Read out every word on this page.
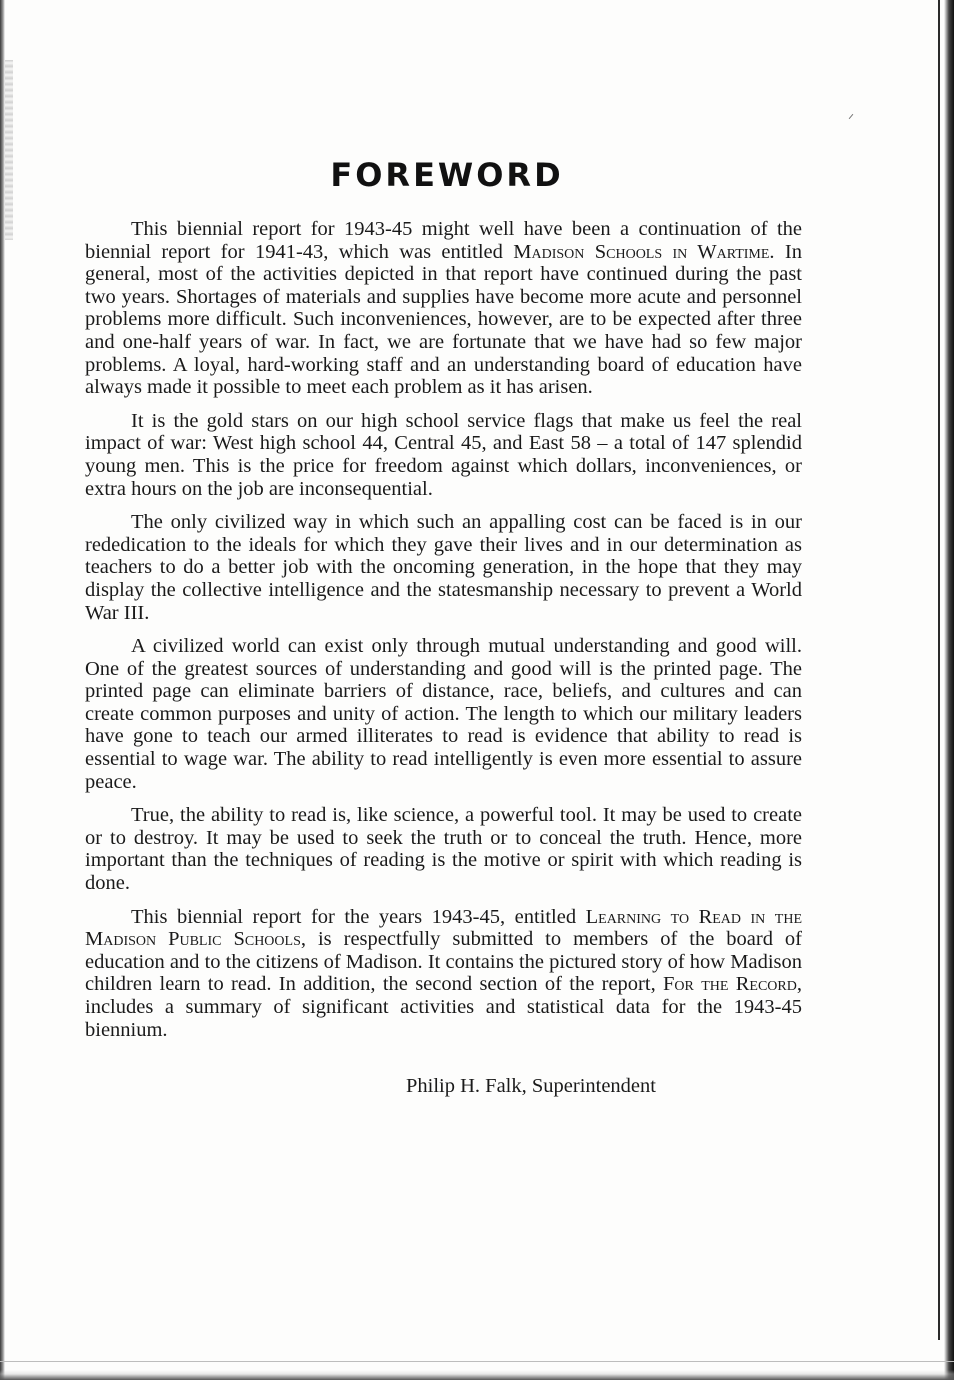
FOREWORD

This biennial report for 1943-45 might well have been a continuation of the biennial report for 1941-43, which was entitled Madison Schools in Wartime. In general, most of the activities depicted in that report have continued during the past two years. Shortages of materials and supplies have become more acute and personnel problems more difficult. Such inconveniences, however, are to be expected after three and one-half years of war. In fact, we are fortunate that we have had so few major problems. A loyal, hard-working staff and an understanding board of education have always made it possible to meet each problem as it has arisen.

It is the gold stars on our high school service flags that make us feel the real impact of war: West high school 44, Central 45, and East 58 – a total of 147 splendid young men. This is the price for freedom against which dollars, inconveniences, or extra hours on the job are inconsequential.

The only civilized way in which such an appalling cost can be faced is in our rededication to the ideals for which they gave their lives and in our determination as teachers to do a better job with the oncoming generation, in the hope that they may display the collective intelligence and the statesmanship necessary to prevent a World War III.

A civilized world can exist only through mutual understanding and good will. One of the greatest sources of understanding and good will is the printed page. The printed page can eliminate barriers of distance, race, beliefs, and cultures and can create common purposes and unity of action. The length to which our military leaders have gone to teach our armed illiterates to read is evidence that ability to read is essential to wage war. The ability to read intelligently is even more essential to assure peace.

True, the ability to read is, like science, a powerful tool. It may be used to create or to destroy. It may be used to seek the truth or to conceal the truth. Hence, more important than the techniques of reading is the motive or spirit with which reading is done.

This biennial report for the years 1943-45, entitled Learning to Read in the Madison Public Schools, is respectfully submitted to members of the board of education and to the citizens of Madison. It contains the pictured story of how Madison children learn to read. In addition, the second section of the report, For the Record, includes a summary of significant activities and statistical data for the 1943-45 biennium.

Philip H. Falk, Superintendent
